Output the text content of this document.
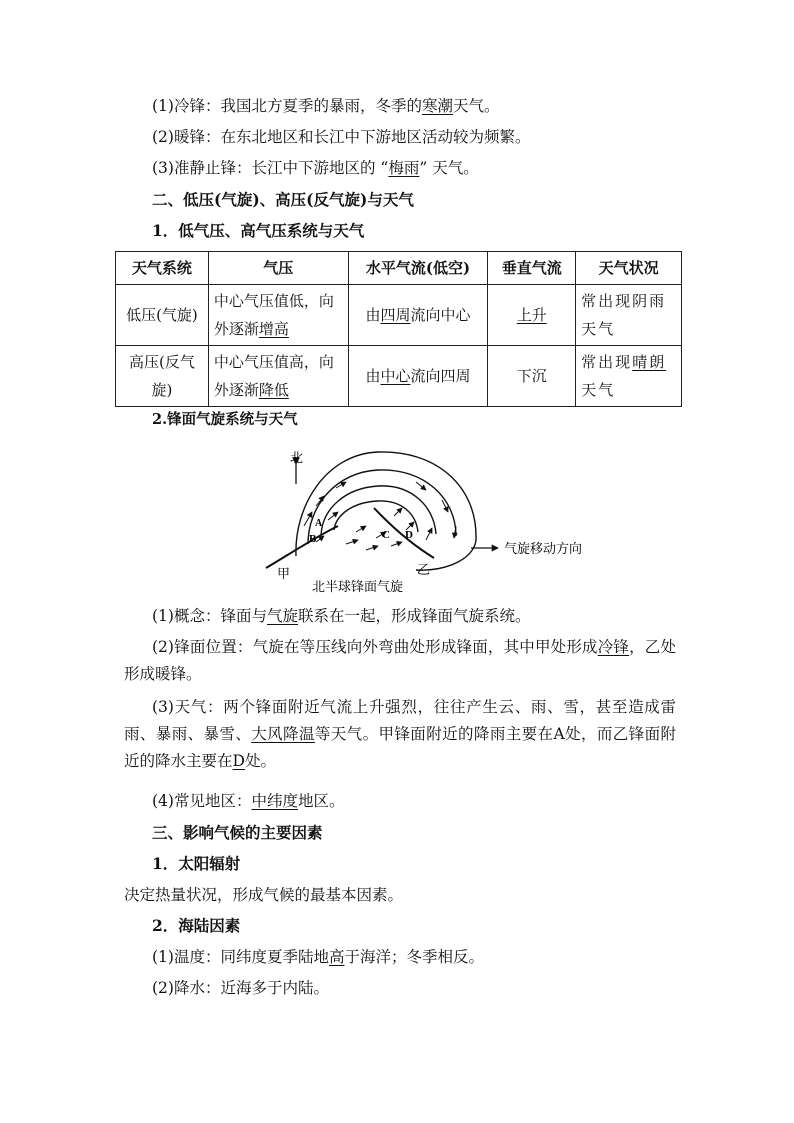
(1)冷锋：我国北方夏季的暴雨，冬季的寒潮天气。
(2)暖锋：在东北地区和长江中下游地区活动较为频繁。
(3)准静止锋：长江中下游地区的 “梅雨” 天气。
二、低压(气旋)、高压(反气旋)与天气
1．低气压、高气压系统与天气
天气系统	气压	水平气流(低空)	垂直气流	天气状况
低压(气旋)	中心气压值低，向外逐渐增高	由四周流向中心	上升	常出现阴雨天气
高压(反气旋)	中心气压值高，向外逐渐降低	由中心流向四周	下沉	常出现晴朗天气
2.锋面气旋系统与天气
北
A
B	C D
甲	乙
气旋移动方向
北半球锋面气旋
(1)概念：锋面与气旋联系在一起，形成锋面气旋系统。
(2)锋面位置：气旋在等压线向外弯曲处形成锋面，其中甲处形成冷锋，乙处形成暖锋。
(3)天气：两个锋面附近气流上升强烈，往往产生云、雨、雪，甚至造成雷雨、暴雨、暴雪、大风降温等天气。甲锋面附近的降雨主要在A处，而乙锋面附近的降水主要在D处。
(4)常见地区：中纬度地区。
三、影响气候的主要因素
1．太阳辐射
决定热量状况，形成气候的最基本因素。
2．海陆因素
(1)温度：同纬度夏季陆地高于海洋；冬季相反。
(2)降水：近海多于内陆。
